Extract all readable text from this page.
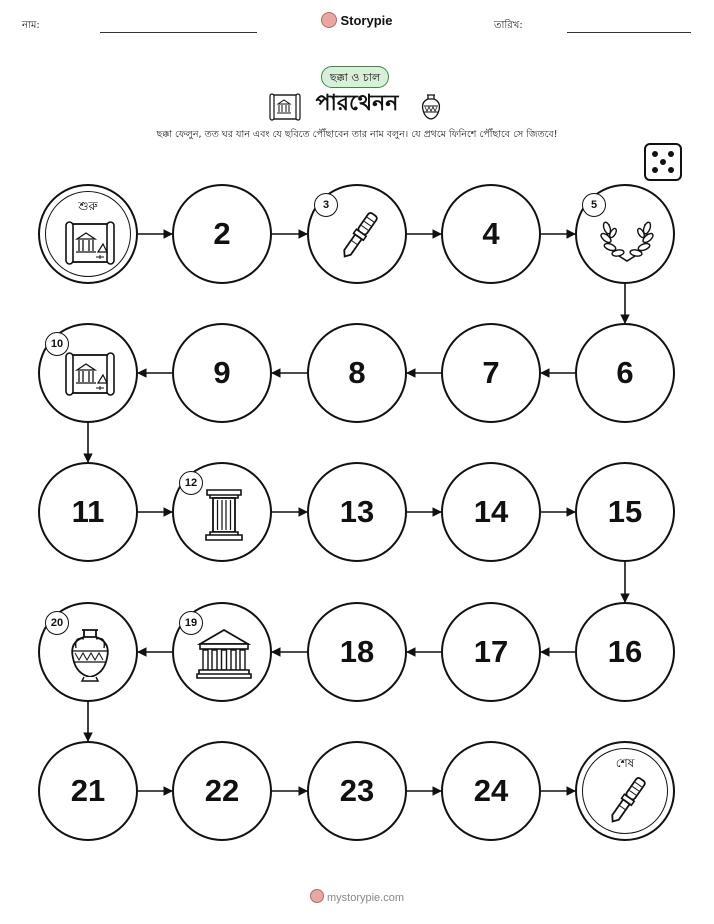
নাম:	Storypie	তারিখ:
ছক্কা ও চাল
পারথেনন
ছক্কা ফেলুন, তত ঘর যান এবং যে ছবিতে পৌঁছাবেন তার নাম বলুন। যে প্রথমে ফিনিশে পৌঁছাবে সে জিতবে!
শুরু
2
3
4
5
6
7
8
9
10
11
12
13	14	15
16
17
18
19
20
21	22	23	24
শেষ
mystorypie.com
